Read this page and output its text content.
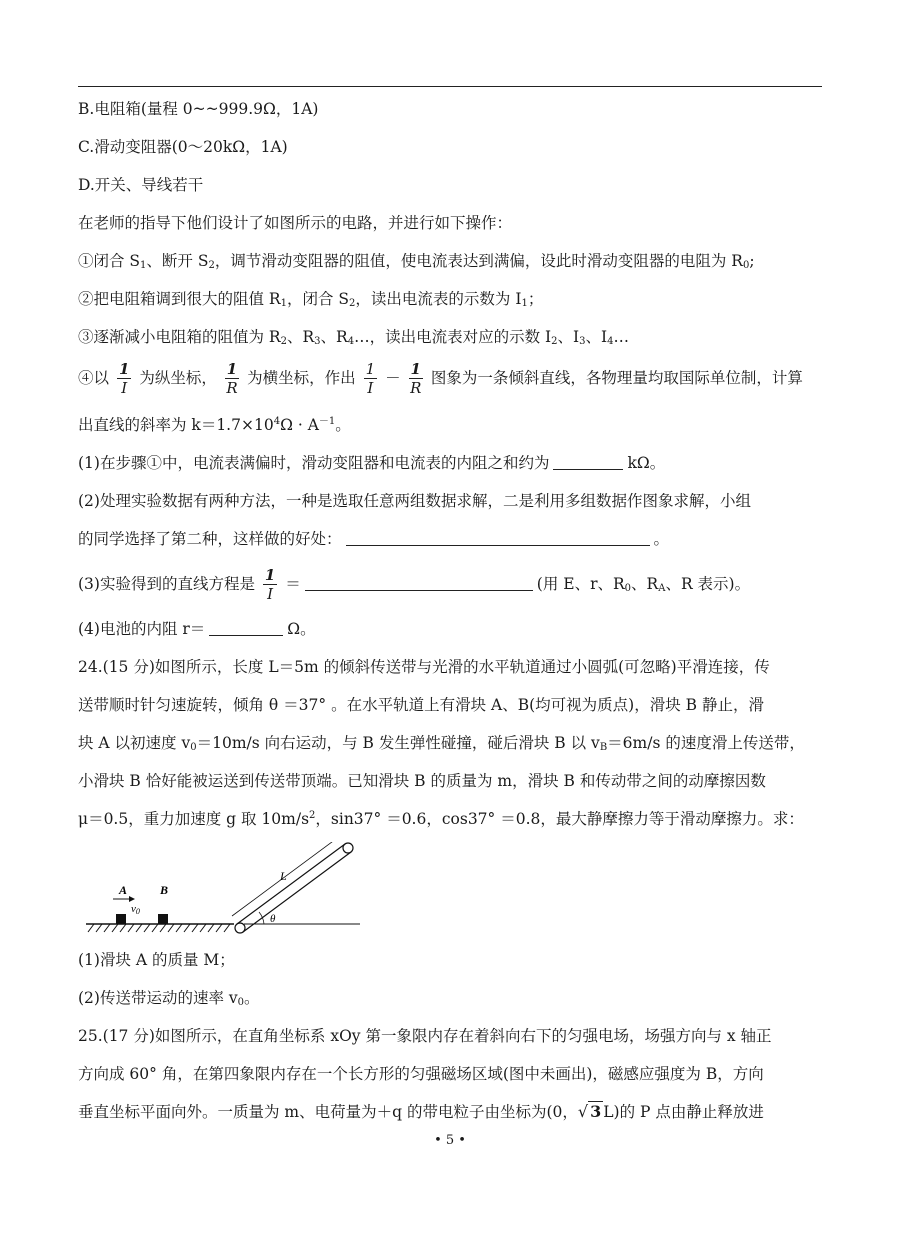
B.电阻箱(量程 0~~999.9Ω，1A)
C.滑动变阻器(0～20kΩ，1A)
D.开关、导线若干
在老师的指导下他们设计了如图所示的电路，并进行如下操作：
①闭合 $S_1$、断开 $S_2$，调节滑动变阻器的阻值，使电流表达到满偏，设此时滑动变阻器的电阻为 $R_0$;
②把电阻箱调到很大的阻值 $R_1$，闭合 $S_2$，读出电流表的示数为 $I_1$；
③逐渐减小电阻箱的阻值为 $R_2$、$R_3$、$R_4\dots$，读出电流表对应的示数 $I_2$、$I_3$、$I_4\dots$
④以 $\frac{1}{I}$ 为纵坐标， $\frac{1}{R}$ 为横坐标，作出 $\frac{1}{I} - \frac{1}{R}$ 图象为一条倾斜直线，各物理量均取国际单位制，计算
出直线的斜率为 $k=1.7\times 10^4\Omega \cdot A^{-1}$。
(1)在步骤①中，电流表满偏时，滑动变阻器和电流表的内阻之和约为	kΩ。
(2)处理实验数据有两种方法，一种是选取任意两组数据求解，二是利用多组数据作图象求解，小组
的同学选择了第二种，这样做的好处：	。
(3)实验得到的直线方程是 $\frac{1}{I}$ ＝	(用 E、r、$R_0$、$R_A$、R 表示)。
(4)电池的内阻 r＝	Ω。
24.(15 分)如图所示，长度 L＝5m 的倾斜传送带与光滑的水平轨道通过小圆弧(可忽略)平滑连接，传
送带顺时针匀速旋转，倾角 θ ＝37° 。在水平轨道上有滑块 A、B(均可视为质点)，滑块 B 静止，滑
块 A 以初速度 $v_0=10m/s$ 向右运动，与 B 发生弹性碰撞，碰后滑块 B 以 $v_B=6m/s$ 的速度滑上传送带，
小滑块 B 恰好能被运送到传送带顶端。已知滑块 B 的质量为 m，滑块 B 和传动带之间的动摩擦因数
μ＝0.5，重力加速度 g 取 $10m/s^2$，sin37° ＝0.6，cos37° ＝0.8，最大静摩擦力等于滑动摩擦力。求：
A	B
v0
L
θ
(1)滑块 A 的质量 M；
(2)传送带运动的速率 $v_0$。
25.(17 分)如图所示，在直角坐标系 xOy 第一象限内存在着斜向右下的匀强电场，场强方向与 x 轴正
方向成 60° 角，在第四象限内存在一个长方形的匀强磁场区域(图中未画出)，磁感应强度为 B，方向
垂直坐标平面向外。一质量为 m、电荷量为＋q 的带电粒子由坐标为(0，√ 3 L)的 P 点由静止释放进
• 5 •
